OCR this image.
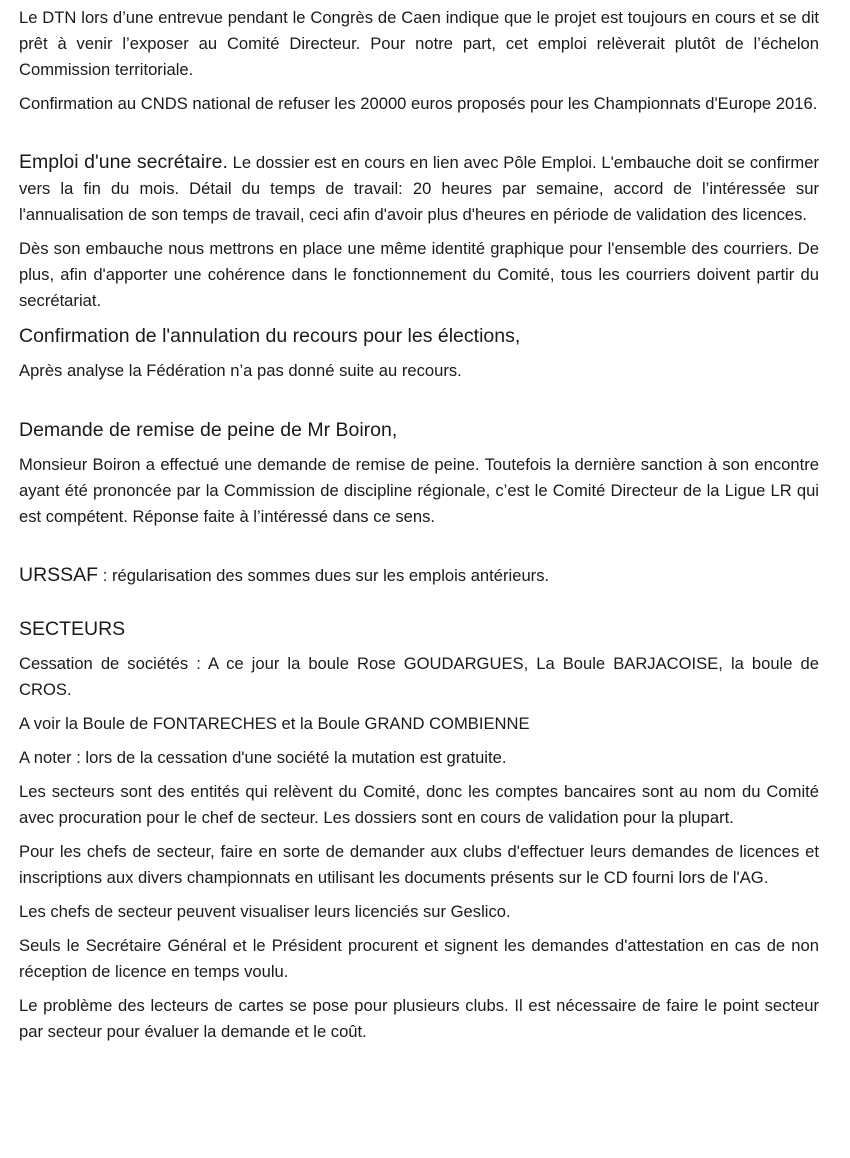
Le DTN lors d’une entrevue pendant le Congrès de Caen indique que le projet est toujours en cours et se dit prêt à venir l’exposer au Comité Directeur. Pour notre part, cet emploi relèverait plutôt de l’échelon Commission territoriale.

Confirmation au CNDS national de refuser les 20000 euros proposés pour les Championnats d'Europe 2016.

Emploi d'une secrétaire. Le dossier est en cours en lien avec Pôle Emploi. L'embauche doit se confirmer vers la fin du mois. Détail du temps de travail: 20 heures par semaine, accord de l’intéressée sur l'annualisation de son temps de travail, ceci afin d'avoir plus d'heures en période de validation des licences.

Dès son embauche nous mettrons en place une même identité graphique pour l'ensemble des courriers. De plus, afin d'apporter une cohérence dans le fonctionnement du Comité, tous les courriers doivent partir du secrétariat.

Confirmation de l'annulation du recours pour les élections,

Après analyse la Fédération n’a pas donné suite au recours.

Demande de remise de peine de Mr Boiron,

Monsieur Boiron a effectué une demande de remise de peine. Toutefois la dernière sanction à son encontre ayant été prononcée par la Commission de discipline régionale, c’est le Comité Directeur de la Ligue LR qui est compétent. Réponse faite à l’intéressé dans ce sens.

URSSAF : régularisation des sommes dues sur les emplois antérieurs.

SECTEURS

Cessation de sociétés : A ce jour la boule Rose GOUDARGUES, La Boule BARJACOISE, la boule de CROS.

A voir la Boule de FONTARECHES et la Boule GRAND COMBIENNE

A noter : lors de la cessation d'une société la mutation est gratuite.

Les secteurs sont des entités qui relèvent du Comité, donc les comptes bancaires sont au nom du Comité avec procuration pour le chef de secteur. Les dossiers sont en cours de validation pour la plupart.

Pour les chefs de secteur, faire en sorte de demander aux clubs d'effectuer leurs demandes de licences et inscriptions aux divers championnats en utilisant les documents présents sur le CD fourni lors de l'AG.

Les chefs de secteur peuvent visualiser leurs licenciés sur Geslico.

Seuls le Secrétaire Général et le Président procurent et signent les demandes d'attestation en cas de non réception de licence en temps voulu.

Le problème des lecteurs de cartes se pose pour plusieurs clubs. Il est nécessaire de faire le point secteur par secteur pour évaluer la demande et le coût.
